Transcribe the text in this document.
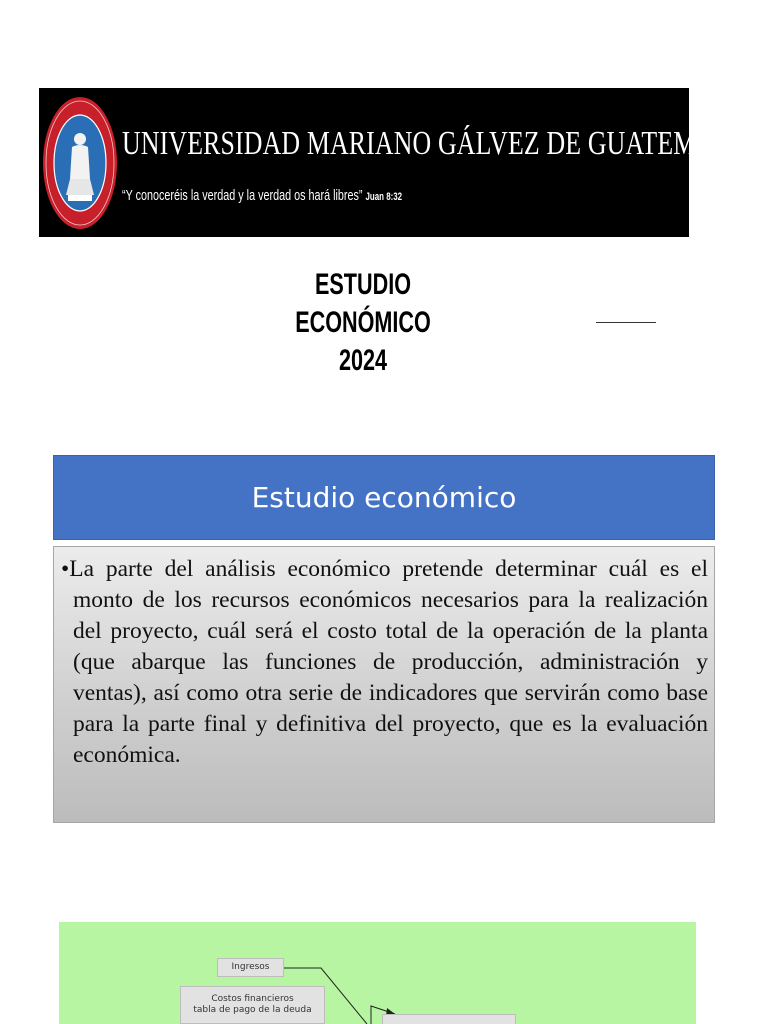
UNIVERSIDAD MARIANO GÁLVEZ DE GUATEMALA
“Y conoceréis la verdad y la verdad os hará libres” Juan 8:32
ESTUDIO ECONÓMICO
2024
Estudio económico

•La parte del análisis económico pretende determinar cuál es el monto de los recursos económicos necesarios para la realización del proyecto, cuál será el costo total de la operación de la planta (que abarque las funciones de producción, administración y ventas), así como otra serie de indicadores que servirán como base para la parte final y definitiva del proyecto, que es la evaluación económica.

Ingresos
Costos financieros
tabla de pago de la deuda
